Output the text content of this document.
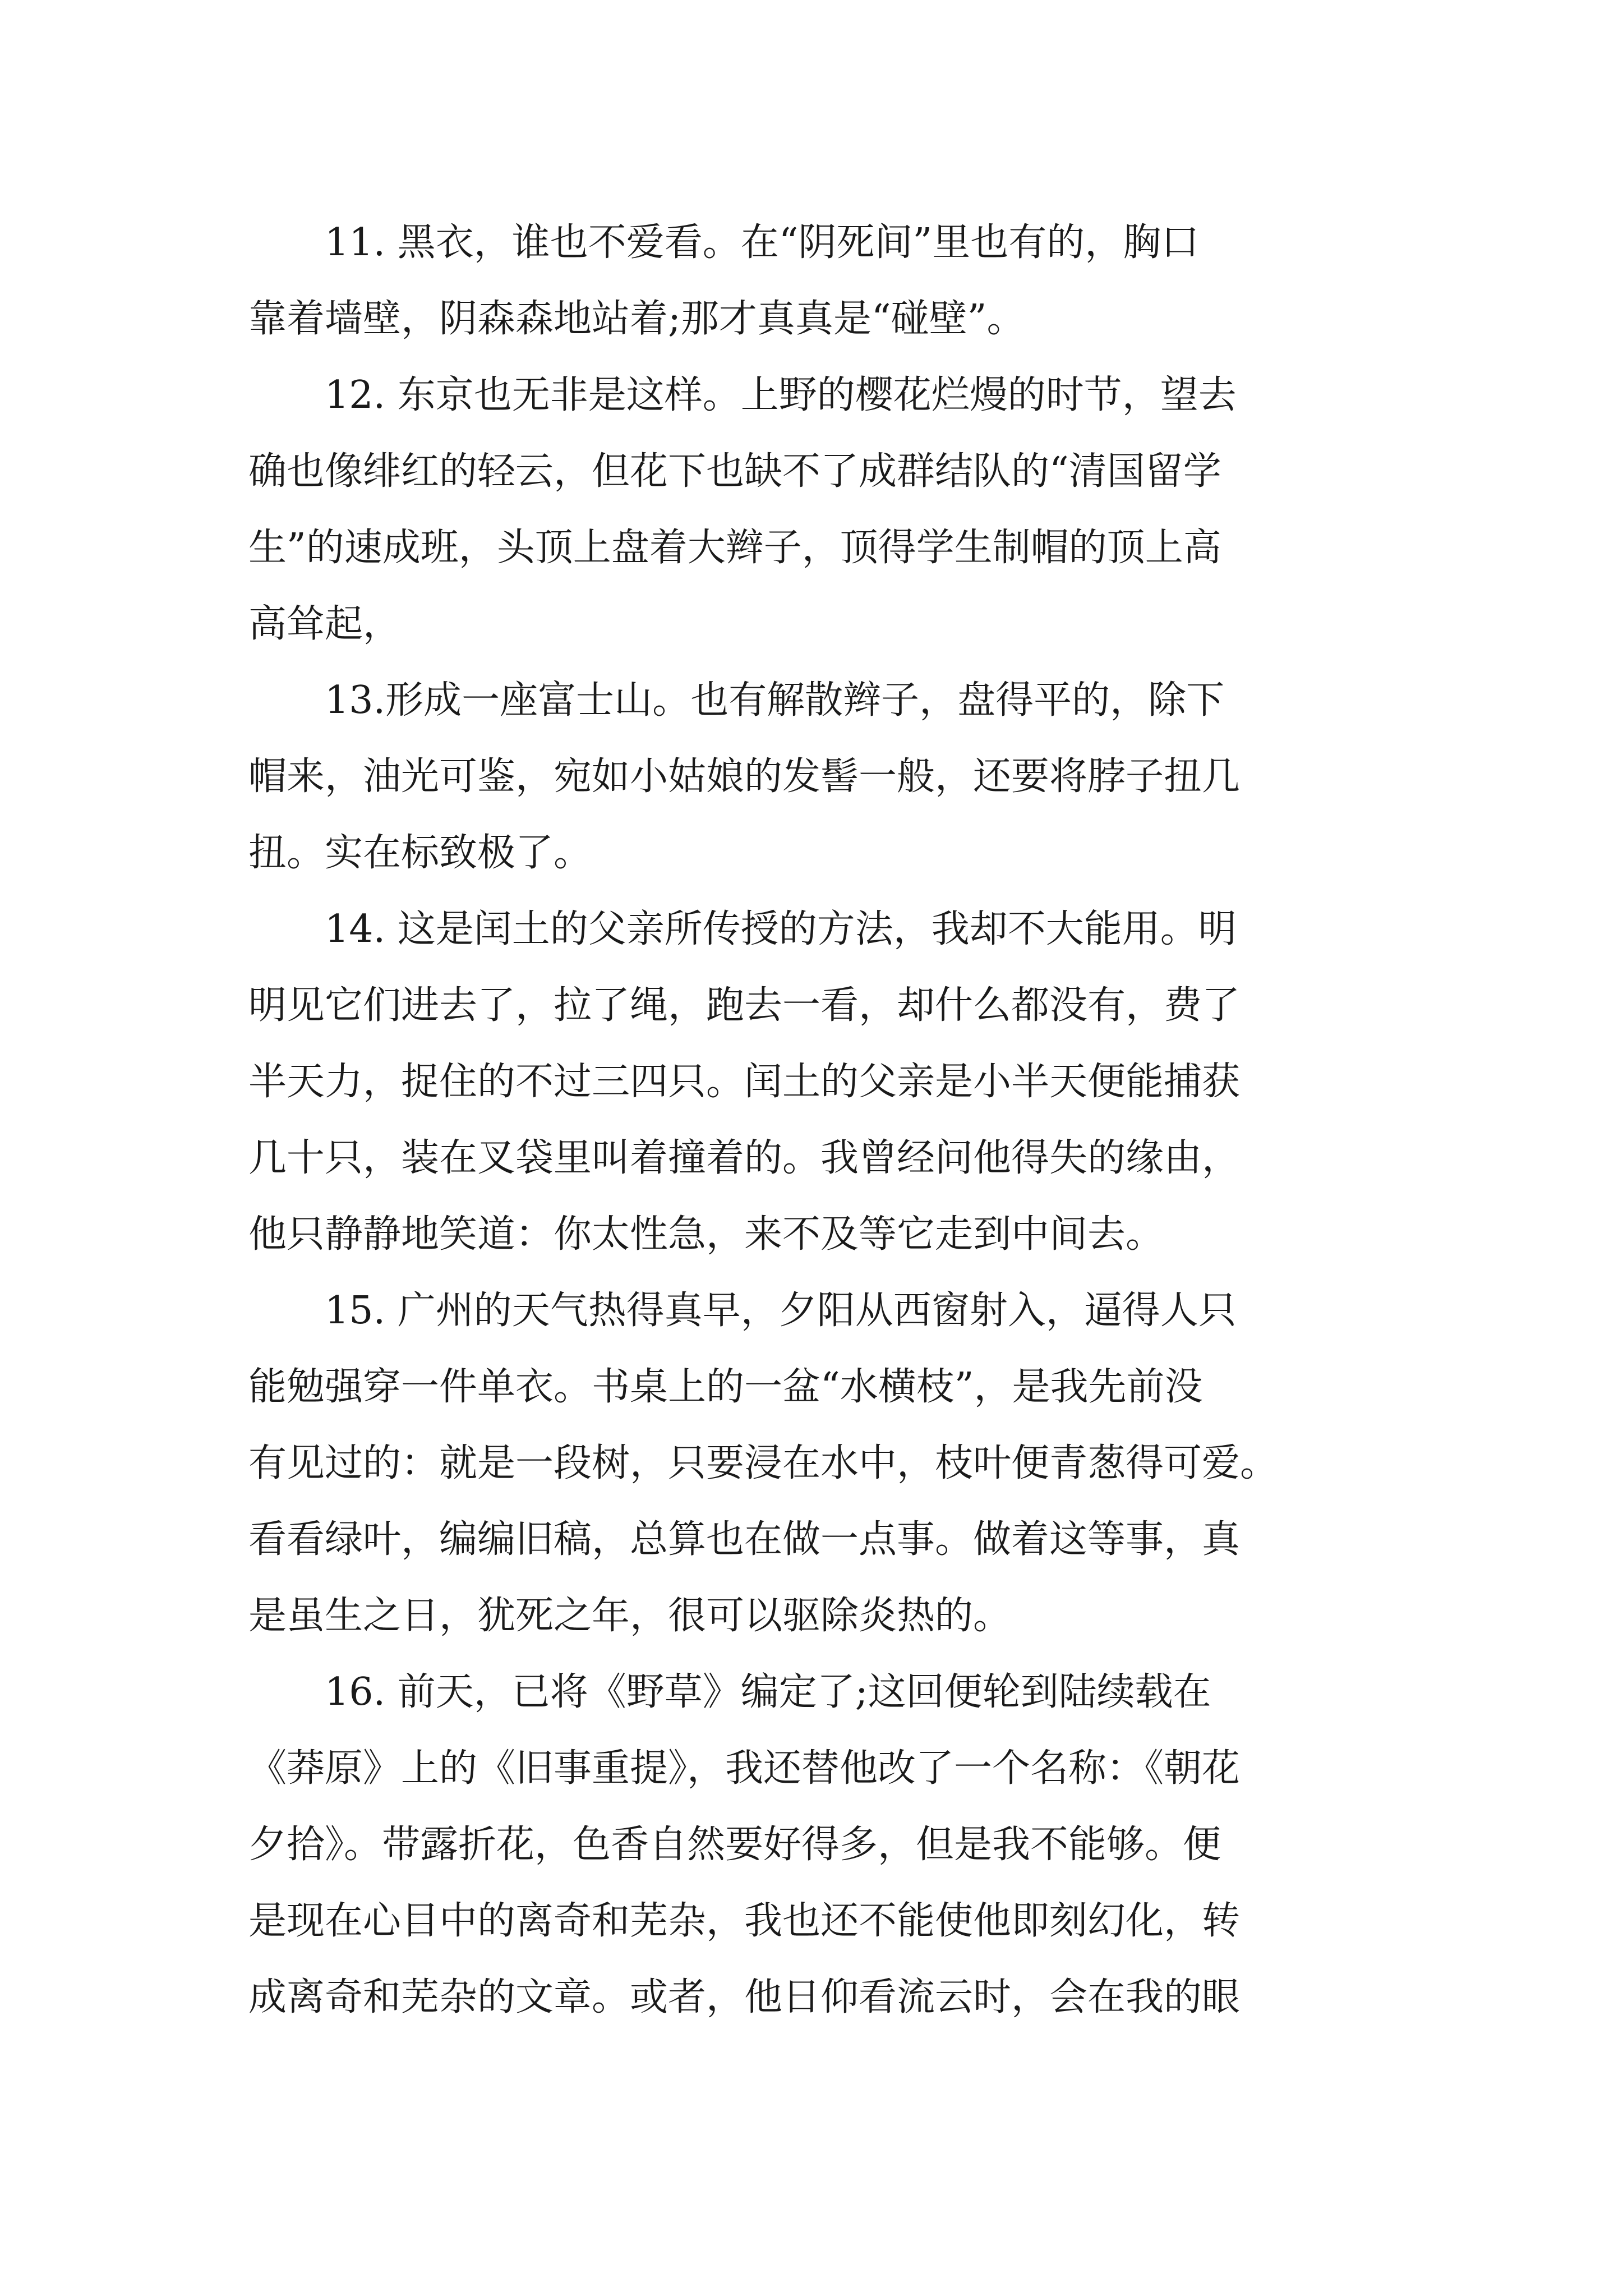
　　11. 黑衣，谁也不爱看。在“阴死间”里也有的，胸口
靠着墙壁，阴森森地站着;那才真真是“碰壁”。
　　12. 东京也无非是这样。上野的樱花烂熳的时节，望去
确也像绯红的轻云，但花下也缺不了成群结队的“清国留学
生”的速成班，头顶上盘着大辫子，顶得学生制帽的顶上高
高耸起，
　　13.形成一座富士山。也有解散辫子，盘得平的，除下
帽来，油光可鉴，宛如小姑娘的发髻一般，还要将脖子扭几
扭。实在标致极了。
　　14. 这是闰土的父亲所传授的方法，我却不大能用。明
明见它们进去了，拉了绳，跑去一看，却什么都没有，费了
半天力，捉住的不过三四只。闰土的父亲是小半天便能捕获
几十只，装在叉袋里叫着撞着的。我曾经问他得失的缘由，
他只静静地笑道：你太性急，来不及等它走到中间去。
　　15. 广州的天气热得真早，夕阳从西窗射入，逼得人只
能勉强穿一件单衣。书桌上的一盆“水横枝”，是我先前没
有见过的：就是一段树，只要浸在水中，枝叶便青葱得可爱。
看看绿叶，编编旧稿，总算也在做一点事。做着这等事，真
是虽生之日，犹死之年，很可以驱除炎热的。
　　16. 前天，已将《野草》编定了;这回便轮到陆续载在
《莽原》上的《旧事重提》，我还替他改了一个名称：《朝花
夕拾》。带露折花，色香自然要好得多，但是我不能够。便
是现在心目中的离奇和芜杂，我也还不能使他即刻幻化，转
成离奇和芜杂的文章。或者，他日仰看流云时，会在我的眼
